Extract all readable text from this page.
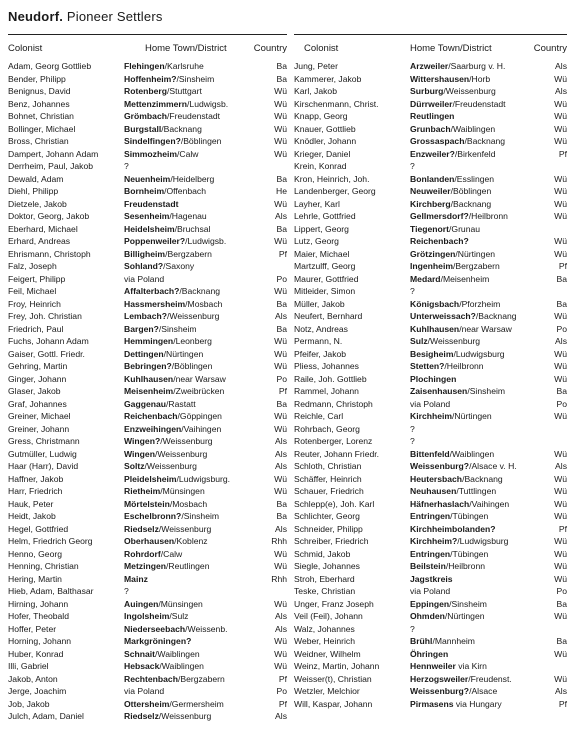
Neudorf. Pioneer Settlers
Colonist	Home Town/District	Country
Adam, Georg Gottlieb	Flehingen/Karlsruhe	Ba
Bender, Philipp	Hoffenheim?/Sinsheim	Ba
Benignus, David	Rotenberg/Stuttgart	Wü
Benz, Johannes	Mettenzimmern/Ludwigsb.	Wü
Bohnet, Christian	Grömbach/Freudenstadt	Wü
Bollinger, Michael	Burgstall/Backnang	Wü
Bross, Christian	Sindelfingen?/Böblingen	Wü
Dampert, Johann Adam	Simmozheim/Calw	Wü
Derrheim, Paul, Jakob	?
Dewald, Adam	Neuenheim/Heidelberg	Ba
Diehl, Philipp	Bornheim/Offenbach	He
Dietzele, Jakob	Freudenstadt	Wü
Doktor, Georg, Jakob	Sesenheim/Hagenau	Als
Eberhard, Michael	Heidelsheim/Bruchsal	Ba
Erhard, Andreas	Poppenweiler?/Ludwigsb.	Wü
Ehrismann, Christoph	Billigheim/Bergzabern	Pf
Falz, Joseph	Sohland?/Saxony
Feigert, Philipp	via Poland	Po
Feil, Michael	Affalterbach?/Backnang	Wü
Froy, Heinrich	Hassmersheim/Mosbach	Ba
Frey, Joh. Christian	Lembach?/Weissenburg	Als
Friedrich, Paul	Bargen?/Sinsheim	Ba
Fuchs, Johann Adam	Hemmingen/Leonberg	Wü
Gaiser, Gottl. Friedr.	Dettingen/Nürtingen	Wü
Gehring, Martin	Bebringen?/Böblingen	Wü
Ginger, Johann	Kuhlhausen/near Warsaw	Po
Glaser, Jakob	Meisenheim/Zweibrücken	Pf
Graf, Johannes	Gaggenau/Rastatt	Ba
Greiner, Michael	Reichenbach/Göppingen	Wü
Greiner, Johann	Enzweihingen/Vaihingen	Wü
Gress, Christmann	Wingen?/Weissenburg	Als
Gutmüller, Ludwig	Wingen/Weissenburg	Als
Haar (Harr), David	Soltz/Weissenburg	Als
Haffner, Jakob	Pleidelsheim/Ludwigsburg.	Wü
Harr, Friedrich	Rietheim/Münsingen	Wü
Hauk, Peter	Mörtelstein/Mosbach	Ba
Heidt, Jakob	Eschelbronn?/Sinsheim	Ba
Hegel, Gottfried	Riedselz/Weissenburg	Als
Helm, Friedrich Georg	Oberhausen/Koblenz	Rhh
Henno, Georg	Rohrdorf/Calw	Wü
Henning, Christian	Metzingen/Reutlingen	Wü
Hering, Martin	Mainz	Rhh
Hieb, Adam, Balthasar	?
Hirning, Johann	Auingen/Münsingen	Wü
Hofer, Theobald	Ingolsheim/Sulz	Als
Hoffer, Peter	Niederseebach/Weissenb.	Als
Horning, Johann	Markgröningen?	Wü
Huber, Konrad	Schnait/Waiblingen	Wü
Illi, Gabriel	Hebsack/Waiblingen	Wü
Jakob, Anton	Rechtenbach/Bergzabern	Pf
Jerge, Joachim	via Poland	Po
Job, Jakob	Ottersheim/Germersheim	Pf
Julch, Adam, Daniel	Riedselz/Weissenburg	Als
Colonist	Home Town/District	Country
Jung, Peter	Arzweiler/Saarburg v. H.	Als
Kammerer, Jakob	Wittershausen/Horb	Wü
Karl, Jakob	Surburg/Weissenburg	Als
Kirschenmann, Christ.	Dürrweiler/Freudenstadt	Wü
Knapp, Georg	Reutlingen	Wü
Knauer, Gottlieb	Grunbach/Waiblingen	Wü
Knödler, Johann	Grossaspach/Backnang	Wü
Krieger, Daniel	Enzweiler?/Birkenfeld	Pf
Krein, Konrad	?
Kron, Heinrich, Joh.	Bonlanden/Esslingen	Wü
Landenberger, Georg	Neuweiler/Böblingen	Wü
Layher, Karl	Kirchberg/Backnang	Wü
Lehrle, Gottfried	Gellmersdorf?/Heilbronn	Wü
Lippert, Georg	Tiegenort/Grunau
Lutz, Georg	Reichenbach?	Wü
Maier, Michael	Grötzingen/Nürtingen	Wü
Martzulff, Georg	Ingenheim/Bergzabern	Pf
Maurer, Gottfried	Medard/Meisenheim	Ba
Mitleider, Simon	?
Müller, Jakob	Königsbach/Pforzheim	Ba
Neufert, Bernhard	Unterweissach?/Backnang	Wü
Notz, Andreas	Kuhlhausen/near Warsaw	Po
Permann, N.	Sulz/Weissenburg	Als
Pfeifer, Jakob	Besigheim/Ludwigsburg	Wü
Pliess, Johannes	Stetten?/Heilbronn	Wü
Raile, Joh. Gottlieb	Plochingen	Wü
Rammel, Johann	Zaisenhausen/Sinsheim	Ba
Redmann, Christoph	via Poland	Po
Reichle, Carl	Kirchheim/Nürtingen	Wü
Rohrbach, Georg	?
Rotenberger, Lorenz	?
Reuter, Johann Friedr.	Bittenfeld/Waiblingen	Wü
Schloth, Christian	Weissenburg?/Alsace v. H.	Als
Schäffer, Heinrich	Heutersbach/Backnang	Wü
Schauer, Friedrich	Neuhausen/Tuttlingen	Wü
Schlepp(e), Joh. Karl	Häfnerhaslach/Vaihingen	Wü
Schlichter, Georg	Entringen/Tübingen	Wü
Schneider, Philipp	Kirchheimbolanden?	Pf
Schreiber, Friedrich	Kirchheim?/Ludwigsburg	Wü
Schmid, Jakob	Entringen/Tübingen	Wü
Siegle, Johannes	Beilstein/Heilbronn	Wü
Stroh, Eberhard	Jagstkreis	Wü
Teske, Christian	via Poland	Po
Unger, Franz Joseph	Eppingen/Sinsheim	Ba
Veil (Feil), Johann	Ohmden/Nürtingen	Wü
Walz, Johannes	?
Weber, Heinrich	Brühl/Mannheim	Ba
Weidner, Wilhelm	Öhringen	Wü
Weinz, Martin, Johann	Hennweiler via Kirn
Weisser(t), Christian	Herzogsweiler/Freudenst.	Wü
Wetzler, Melchior	Weissenburg?/Alsace	Als
Will, Kaspar, Johann	Pirmasens via Hungary	Pf
